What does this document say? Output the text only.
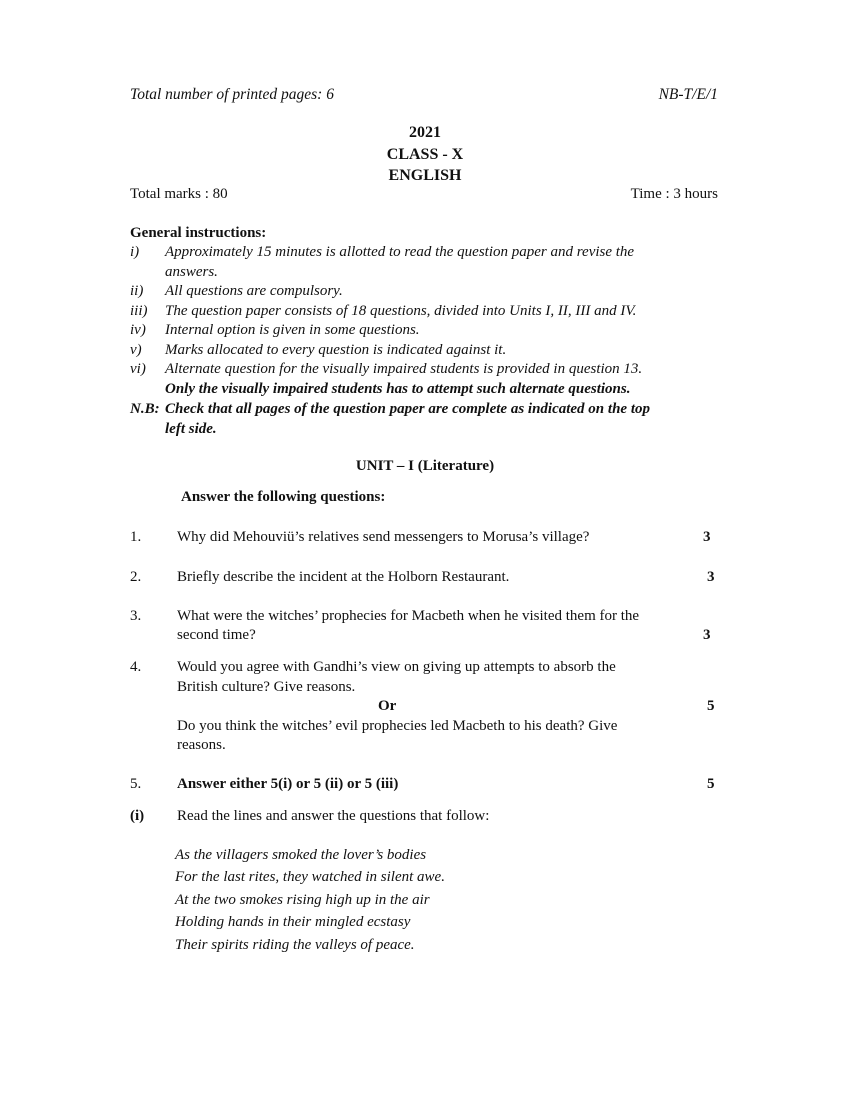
Total number of printed pages: 6	NB-T/E/1
2021
CLASS - X
ENGLISH
Total marks : 80	Time : 3 hours
General instructions:
i) Approximately 15 minutes is allotted to read the question paper and revise the
answers.
ii) All questions are compulsory.
iii) The question paper consists of 18 questions, divided into Units I, II, III and IV.
iv) Internal option is given in some questions.
v) Marks allocated to every question is indicated against it.
vi) Alternate question for the visually impaired students is provided in question 13.
Only the visually impaired students has to attempt such alternate questions.
N.B: Check that all pages of the question paper are complete as indicated on the top
left side.
UNIT – I (Literature)
Answer the following questions:
1. Why did Mehouviü’s relatives send messengers to Morusa’s village?	3
2. Briefly describe the incident at the Holborn Restaurant.	3
3. What were the witches’ prophecies for Macbeth when he visited them for the
second time?	3
4. Would you agree with Gandhi’s view on giving up attempts to absorb the
British culture? Give reasons.
Or	5
Do you think the witches’ evil prophecies led Macbeth to his death? Give
reasons.
5. Answer either 5(i) or 5 (ii) or 5 (iii)	5
(i) Read the lines and answer the questions that follow:
As the villagers smoked the lover’s bodies
For the last rites, they watched in silent awe.
At the two smokes rising high up in the air
Holding hands in their mingled ecstasy
Their spirits riding the valleys of peace.
